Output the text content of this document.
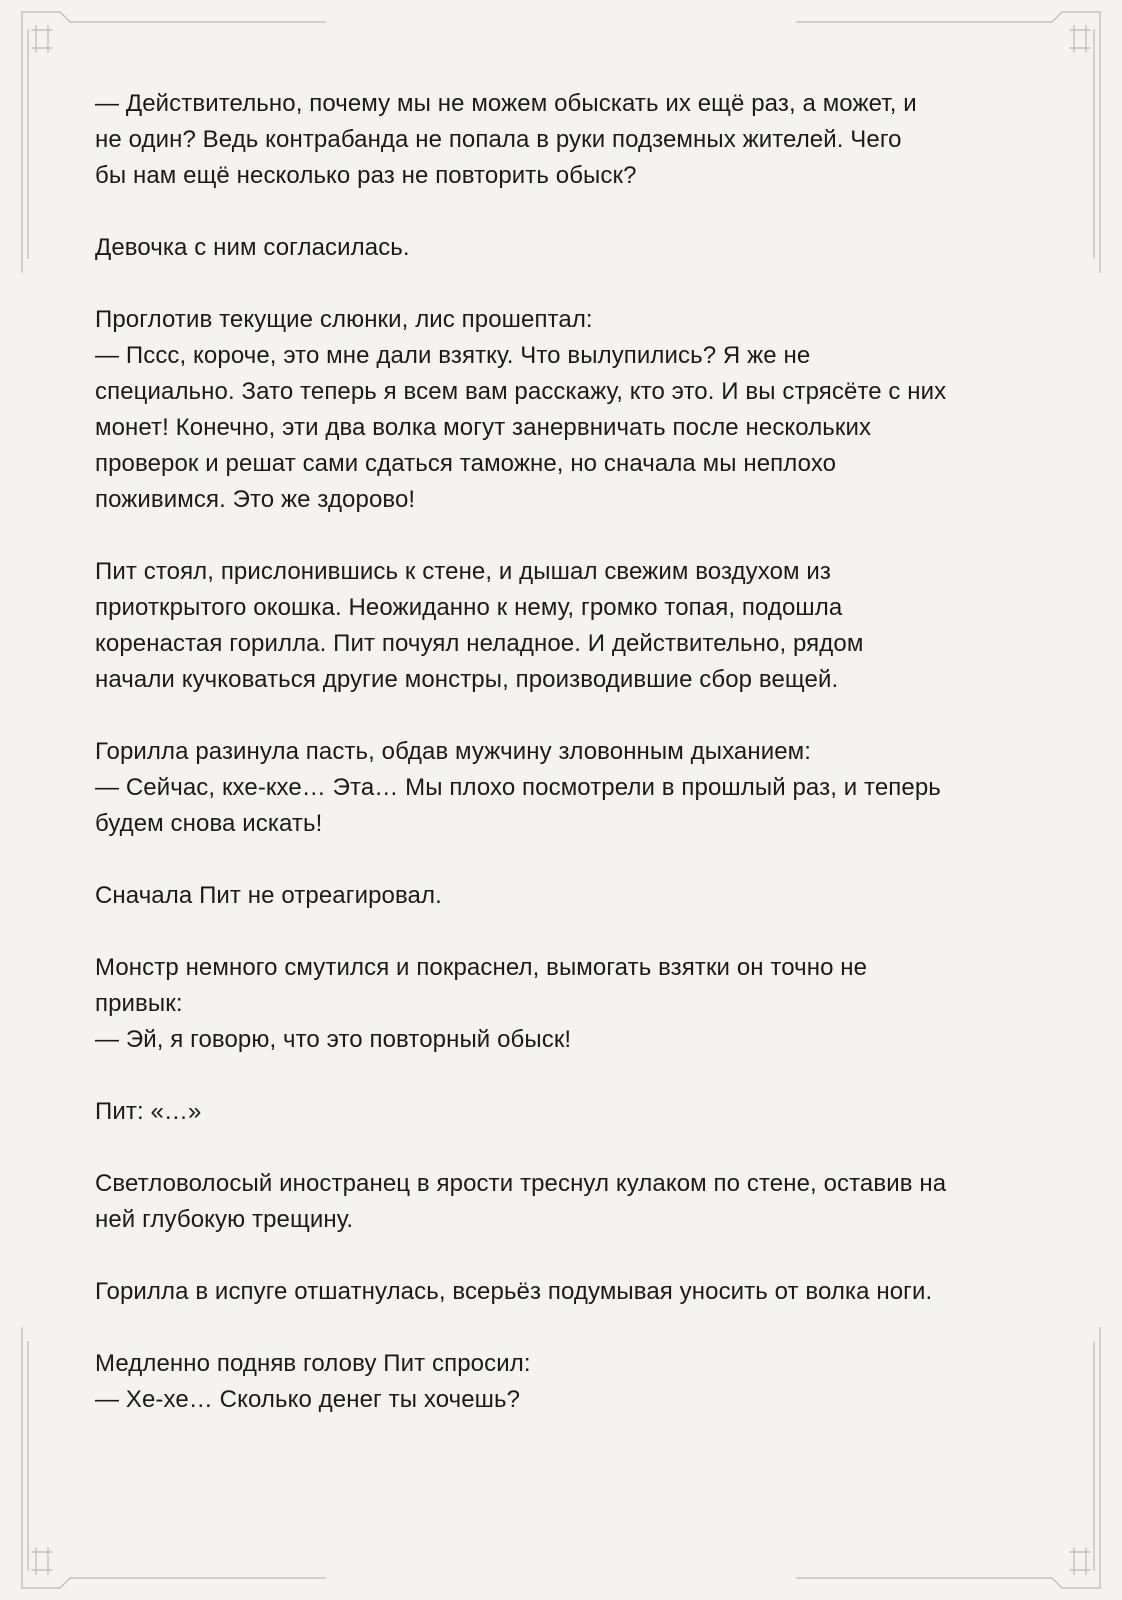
— Действительно, почему мы не можем обыскать их ещё раз, а может, и
не один? Ведь контрабанда не попала в руки подземных жителей. Чего
бы нам ещё несколько раз не повторить обыск?

Девочка с ним согласилась.

Проглотив текущие слюнки, лис прошептал:
— Пссс, короче, это мне дали взятку. Что вылупились? Я же не
специально. Зато теперь я всем вам расскажу, кто это. И вы стрясёте с них
монет! Конечно, эти два волка могут занервничать после нескольких
проверок и решат сами сдаться таможне, но сначала мы неплохо
поживимся. Это же здорово!

Пит стоял, прислонившись к стене, и дышал свежим воздухом из
приоткрытого окошка. Неожиданно к нему, громко топая, подошла
коренастая горилла. Пит почуял неладное. И действительно, рядом
начали кучковаться другие монстры, производившие сбор вещей.

Горилла разинула пасть, обдав мужчину зловонным дыханием:
— Сейчас, кхе-кхе… Эта… Мы плохо посмотрели в прошлый раз, и теперь
будем снова искать!

Сначала Пит не отреагировал.

Монстр немного смутился и покраснел, вымогать взятки он точно не
привык:
— Эй, я говорю, что это повторный обыск!

Пит: «…»

Светловолосый иностранец в ярости треснул кулаком по стене, оставив на
ней глубокую трещину.

Горилла в испуге отшатнулась, всерьёз подумывая уносить от волка ноги.

Медленно подняв голову Пит спросил:
— Хе-хе… Сколько денег ты хочешь?
